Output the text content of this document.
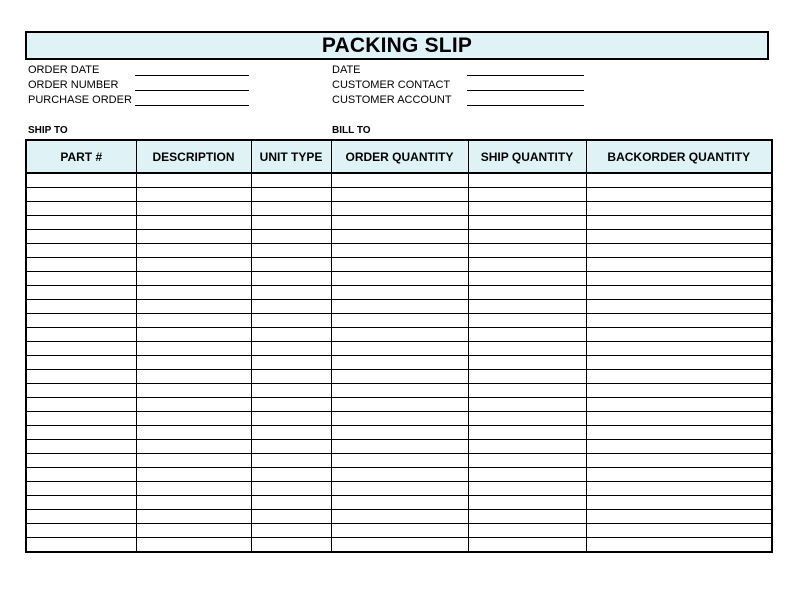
PACKING SLIP
ORDER DATE
ORDER NUMBER
PURCHASE ORDER
DATE
CUSTOMER CONTACT
CUSTOMER ACCOUNT
SHIP TO	BILL TO
PART #	DESCRIPTION	UNIT TYPE	ORDER QUANTITY	SHIP QUANTITY	BACKORDER QUANTITY
